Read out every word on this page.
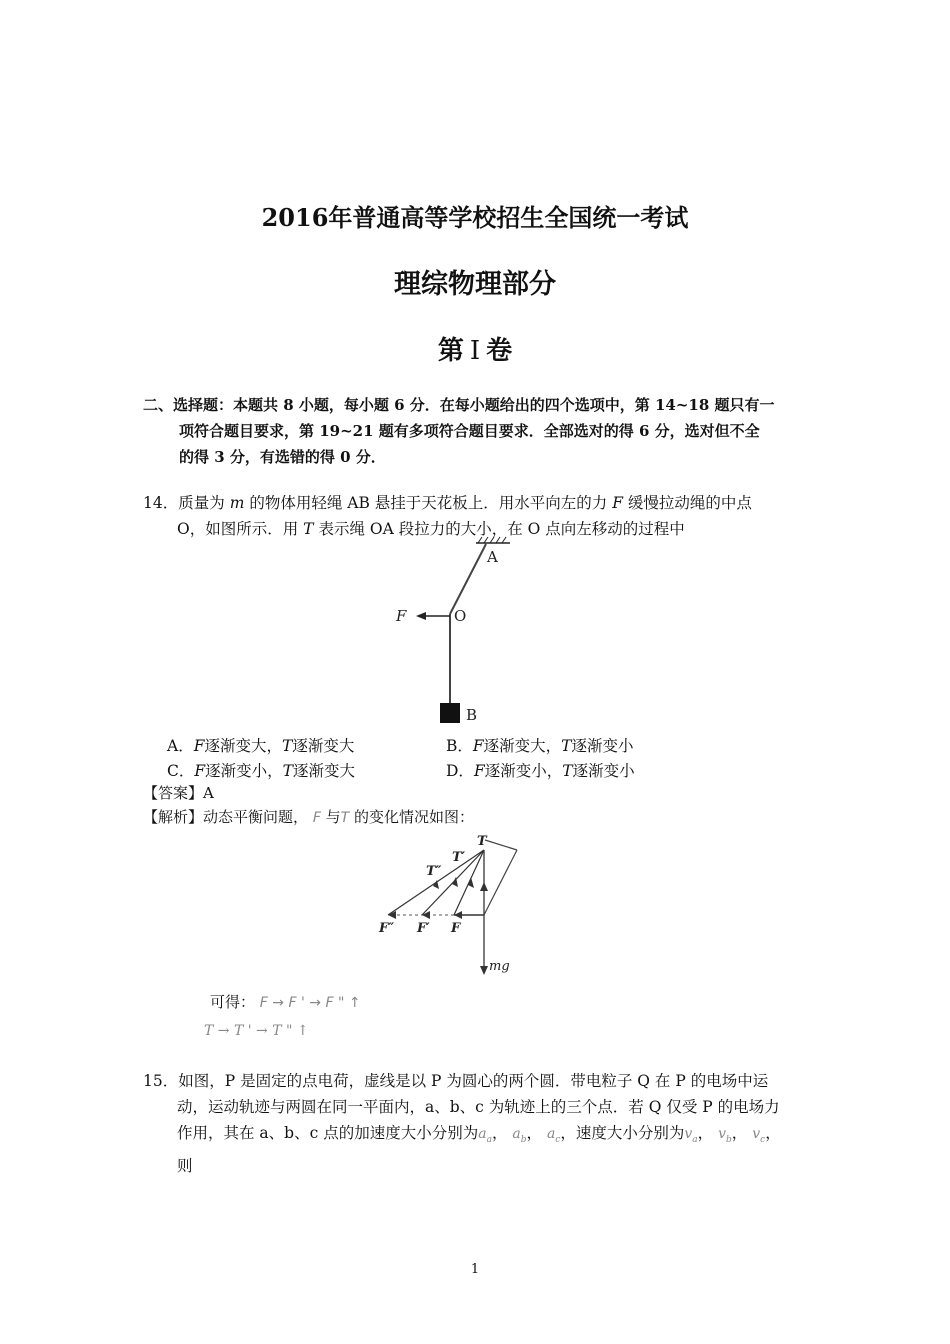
2016年普通高等学校招生全国统一考试
理综物理部分
第 Ⅰ 卷
二、选择题：本题共 8 小题，每小题 6 分．在每小题给出的四个选项中，第 14~18 题只有一
项符合题目要求，第 19~21 题有多项符合题目要求．全部选对的得 6 分，选对但不全
的得 3 分，有选错的得 0 分．
14．质量为 m 的物体用轻绳 AB 悬挂于天花板上．用水平向左的力 F 缓慢拉动绳的中点
O，如图所示．用 T 表示绳 OA 段拉力的大小，在 O 点向左移动的过程中
A
O
B
F
A．F逐渐变大，T逐渐变大	B．F逐渐变大，T逐渐变小
C．F逐渐变小，T逐渐变大	D．F逐渐变小，T逐渐变小
【答案】A
【解析】动态平衡问题， F 与T 的变化情况如图：
T
T′
T″
F
F′
F″
mg
可得： F → F ' → F " ↑
T → T ' → T " ↑
15．如图，P 是固定的点电荷，虚线是以 P 为圆心的两个圆．带电粒子 Q 在 P 的电场中运
动，运动轨迹与两圆在同一平面内，a、b、c 为轨迹上的三个点．若 Q 仅受 P 的电场力
作用，其在 a、b、c 点的加速度大小分别为$a_a$， $a_b$， $a_c$，速度大小分别为$v_a$， $v_b$， $v_c$，
则
1
